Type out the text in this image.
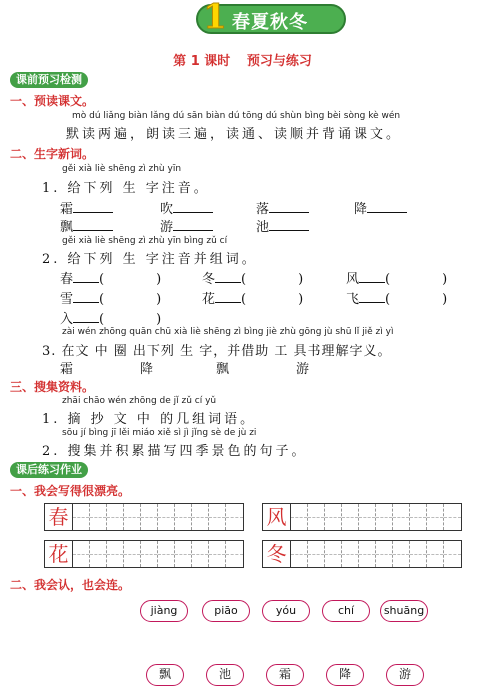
1 春夏秋冬
第 1 课时 预习与练习
课前预习检测
一、预读课文。
mò dú liǎng biàn lǎng dú sān biàn dú tōng dú shùn bìng bèi sòng kè wén
默读两遍，朗读三遍，读通、读顺并背诵课文。
二、生字新词。
gěi xià liè shēng zì zhù yīn
1. 给下列 生 字注音。
霜	吹	落	降
飘	游	池
gěi xià liè shēng zì zhù yīn bìng zǔ cí
2. 给下列 生 字注音并组词。
春 (	)	冬 (	)	风 (	)
雪 (	)	花 (	)	飞 (	)
入 (	)
zài wén zhōng quān chū xià liè shēng zì bìng jiè zhù gōng jù shū lǐ jiě zì yì
3. 在文 中 圈 出下列 生 字，并借助 工 具书理解字义。
霜	降	飘	游
三、搜集资料。
zhāi chāo wén zhōng de jǐ zǔ cí yǔ
1. 摘 抄 文 中 的几组词语。
sōu jí bìng jī lěi miáo xiě sì jì jǐng sè de jù zi
2. 搜集并积累描写四季景色的句子。
课后练习作业
一、我会写得很漂亮。
春	风
花	冬
二、我会认，也会连。
jiàng	piāo	yóu	chí	shuāng
飘	池	霜	降	游
